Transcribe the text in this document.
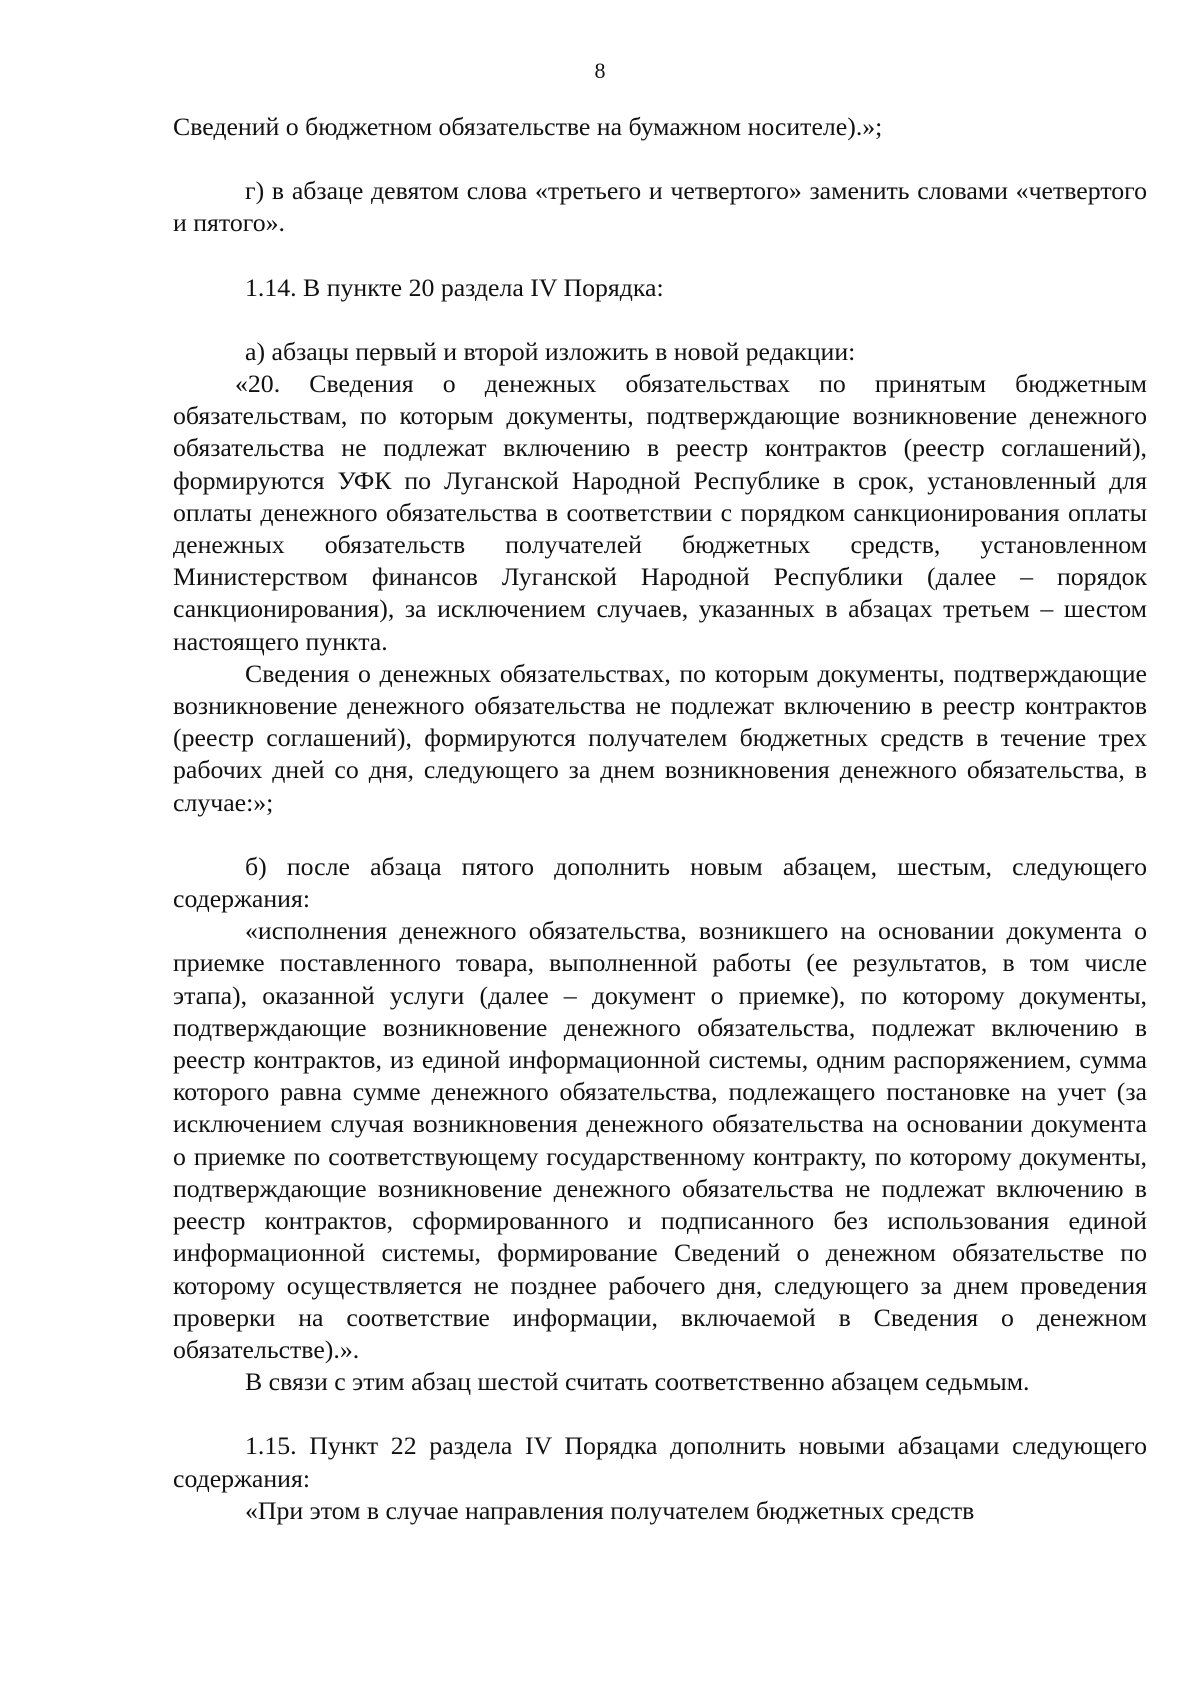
8

Сведений о бюджетном обязательстве на бумажном носителе).»;

г) в абзаце девятом слова «третьего и четвертого» заменить словами «четвертого и пятого».

1.14. В пункте 20 раздела IV Порядка:

а) абзацы первый и второй изложить в новой редакции:

«20. Сведения о денежных обязательствах по принятым бюджетным обязательствам, по которым документы, подтверждающие возникновение денежного обязательства не подлежат включению в реестр контрактов (реестр соглашений), формируются УФК по Луганской Народной Республике в срок, установленный для оплаты денежного обязательства в соответствии с порядком санкционирования оплаты денежных обязательств получателей бюджетных средств, установленном Министерством финансов Луганской Народной Республики (далее – порядок санкционирования), за исключением случаев, указанных в абзацах третьем – шестом настоящего пункта.

Сведения о денежных обязательствах, по которым документы, подтверждающие возникновение денежного обязательства не подлежат включению в реестр контрактов (реестр соглашений), формируются получателем бюджетных средств в течение трех рабочих дней со дня, следующего за днем возникновения денежного обязательства, в случае:»;

б) после абзаца пятого дополнить новым абзацем, шестым, следующего содержания:

«исполнения денежного обязательства, возникшего на основании документа о приемке поставленного товара, выполненной работы (ее результатов, в том числе этапа), оказанной услуги (далее – документ о приемке), по которому документы, подтверждающие возникновение денежного обязательства, подлежат включению в реестр контрактов, из единой информационной системы, одним распоряжением, сумма которого равна сумме денежного обязательства, подлежащего постановке на учет (за исключением случая возникновения денежного обязательства на основании документа о приемке по соответствующему государственному контракту, по которому документы, подтверждающие возникновение денежного обязательства не подлежат включению в реестр контрактов, сформированного и подписанного без использования единой информационной системы, формирование Сведений о денежном обязательстве по которому осуществляется не позднее рабочего дня, следующего за днем проведения проверки на соответствие информации, включаемой в Сведения о денежном обязательстве).».

В связи с этим абзац шестой считать соответственно абзацем седьмым.

1.15. Пункт 22 раздела IV Порядка дополнить новыми абзацами следующего содержания:

«При этом в случае направления получателем бюджетных средств
